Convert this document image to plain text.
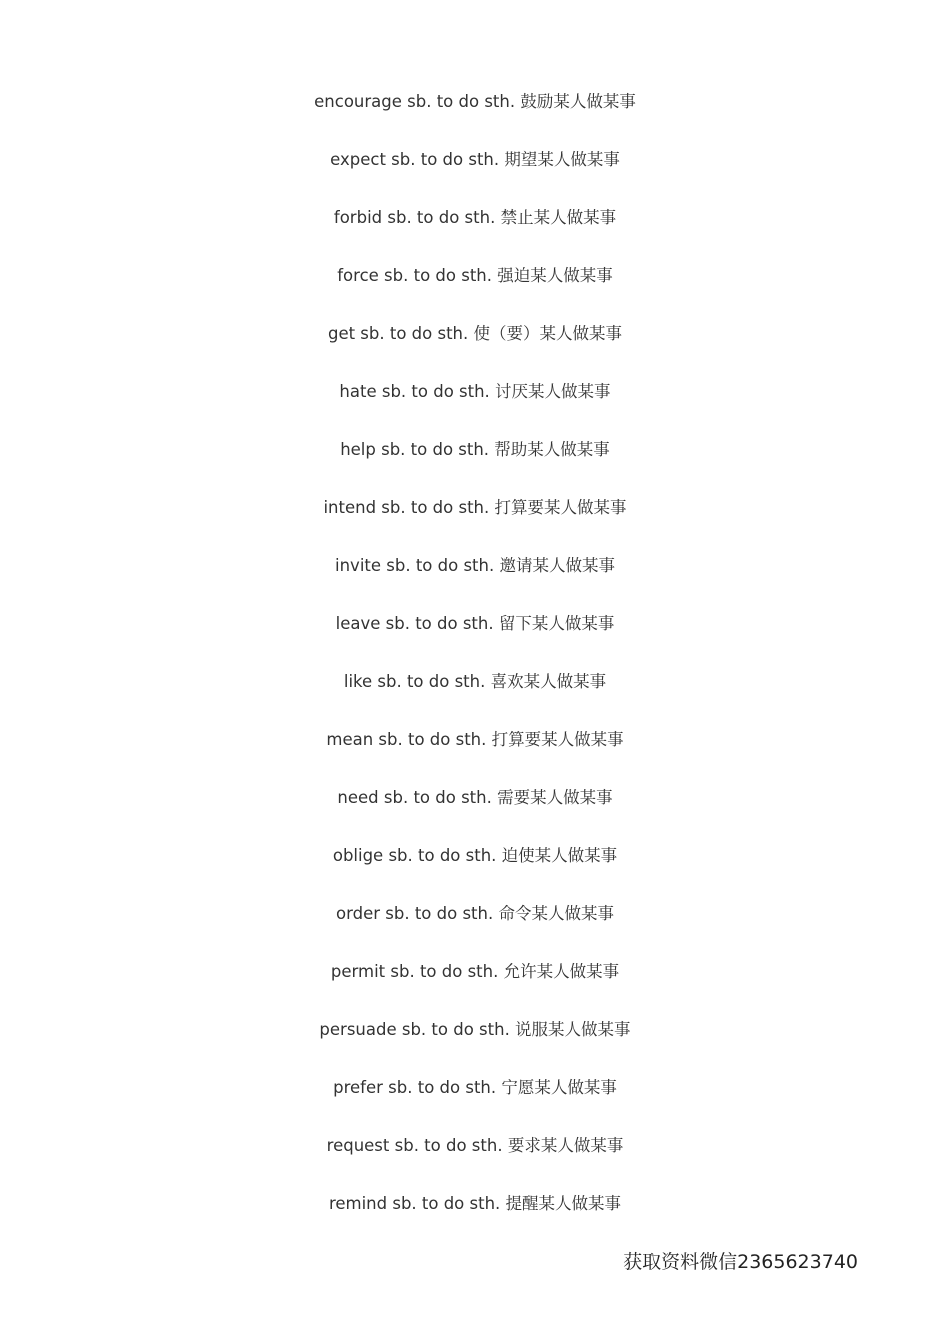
encourage sb. to do sth. 鼓励某人做某事
expect sb. to do sth. 期望某人做某事
forbid sb. to do sth. 禁止某人做某事
force sb. to do sth. 强迫某人做某事
get sb. to do sth. 使（要）某人做某事
hate sb. to do sth. 讨厌某人做某事
help sb. to do sth. 帮助某人做某事
intend sb. to do sth. 打算要某人做某事
invite sb. to do sth. 邀请某人做某事
leave sb. to do sth. 留下某人做某事
like sb. to do sth. 喜欢某人做某事
mean sb. to do sth. 打算要某人做某事
need sb. to do sth. 需要某人做某事
oblige sb. to do sth. 迫使某人做某事
order sb. to do sth. 命令某人做某事
permit sb. to do sth. 允许某人做某事
persuade sb. to do sth. 说服某人做某事
prefer sb. to do sth. 宁愿某人做某事
request sb. to do sth. 要求某人做某事
remind sb. to do sth. 提醒某人做某事
获取资料微信2365623740
